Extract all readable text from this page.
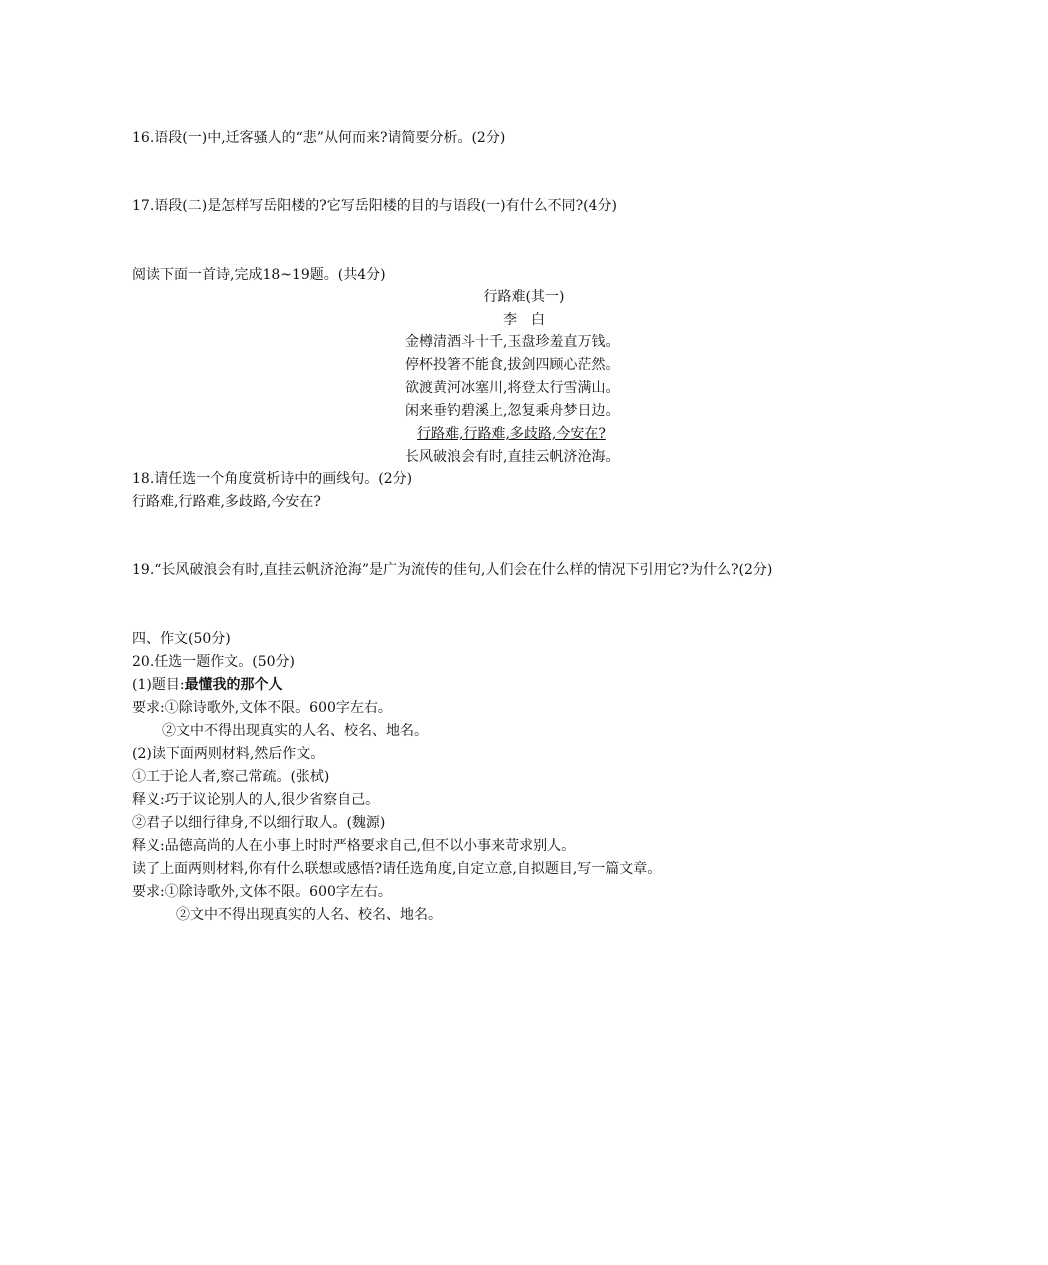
16.语段(一)中,迁客骚人的“悲”从何而来?请简要分析。(2分)
17.语段(二)是怎样写岳阳楼的?它写岳阳楼的目的与语段(一)有什么不同?(4分)
阅读下面一首诗,完成18~19题。(共4分)
行路难(其一)
李　白
金樽清酒斗十千,玉盘珍羞直万钱。
停杯投箸不能食,拔剑四顾心茫然。
欲渡黄河冰塞川,将登太行雪满山。
闲来垂钓碧溪上,忽复乘舟梦日边。
行路难,行路难,多歧路,今安在?
长风破浪会有时,直挂云帆济沧海。
18.请任选一个角度赏析诗中的画线句。(2分)
行路难,行路难,多歧路,今安在?
19.“长风破浪会有时,直挂云帆济沧海”是广为流传的佳句,人们会在什么样的情况下引用它?为什么?(2分)
四、作文(50分)
20.任选一题作文。(50分)
(1)题目:最懂我的那个人
要求:①除诗歌外,文体不限。600字左右。
②文中不得出现真实的人名、校名、地名。
(2)读下面两则材料,然后作文。
①工于论人者,察己常疏。(张栻)
释义:巧于议论别人的人,很少省察自己。
②君子以细行律身,不以细行取人。(魏源)
释义:品德高尚的人在小事上时时严格要求自己,但不以小事来苛求别人。
读了上面两则材料,你有什么联想或感悟?请任选角度,自定立意,自拟题目,写一篇文章。
要求:①除诗歌外,文体不限。600字左右。
②文中不得出现真实的人名、校名、地名。
